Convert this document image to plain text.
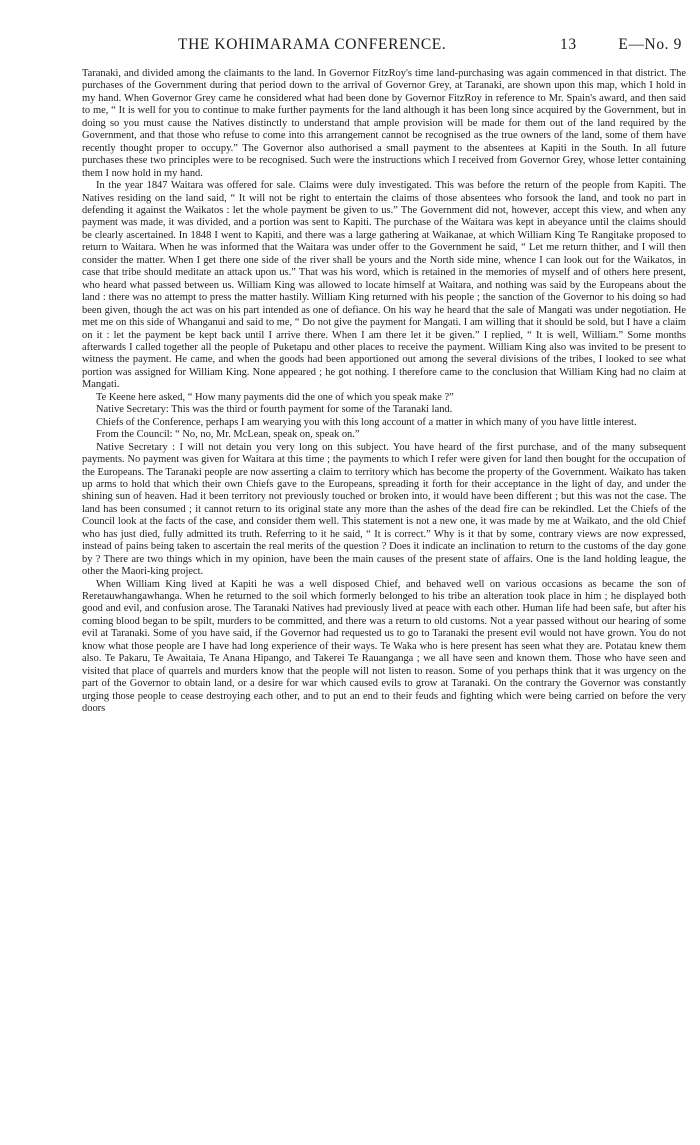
THE KOHIMARAMA CONFERENCE.	13	E—No. 9

Taranaki, and divided among the claimants to the land. In Governor FitzRoy's time land-purchasing was again commenced in that district. The purchases of the Government during that period down to the arrival of Governor Grey, at Taranaki, are shown upon this map, which I hold in my hand. When Governor Grey came he considered what had been done by Governor FitzRoy in reference to Mr. Spain's award, and then said to me, “ It is well for you to continue to make further payments for the land although it has been long since acquired by the Government, but in doing so you must cause the Natives distinctly to understand that ample provision will be made for them out of the land required by the Government, and that those who refuse to come into this arrangement cannot be recognised as the true owners of the land, some of them have recently thought proper to occupy.” The Governor also authorised a small payment to the absentees at Kapiti in the South. In all future purchases these two principles were to be recognised. Such were the instructions which I received from Governor Grey, whose letter containing them I now hold in my hand.

In the year 1847 Waitara was offered for sale. Claims were duly investigated. This was before the return of the people from Kapiti. The Natives residing on the land said, “ It will not be right to entertain the claims of those absentees who forsook the land, and took no part in defending it against the Waikatos : let the whole payment be given to us.” The Government did not, however, accept this view, and when any payment was made, it was divided, and a portion was sent to Kapiti. The purchase of the Waitara was kept in abeyance until the claims should be clearly ascertained. In 1848 I went to Kapiti, and there was a large gathering at Waikanae, at which William King Te Rangitake proposed to return to Waitara. When he was informed that the Waitara was under offer to the Government he said, “ Let me return thither, and I will then consider the matter. When I get there one side of the river shall be yours and the North side mine, whence I can look out for the Waikatos, in case that tribe should meditate an attack upon us.” That was his word, which is retained in the memories of myself and of others here present, who heard what passed between us. William King was allowed to locate himself at Waitara, and nothing was said by the Europeans about the land : there was no attempt to press the matter hastily. William King returned with his people ; the sanction of the Governor to his doing so had been given, though the act was on his part intended as one of defiance. On his way he heard that the sale of Mangati was under negotiation. He met me on this side of Whanganui and said to me, “ Do not give the payment for Mangati. I am willing that it should be sold, but I have a claim on it : let the payment be kept back until I arrive there. When I am there let it be given.” I replied, “ It is well, William.” Some months afterwards I called together all the people of Puketapu and other places to receive the payment. William King also was invited to be present to witness the payment. He came, and when the goods had been apportioned out among the several divisions of the tribes, I looked to see what portion was assigned for William King. None appeared ; he got nothing. I therefore came to the conclusion that William King had no claim at Mangati.

Te Keene here asked, “ How many payments did the one of which you speak make ?”

Native Secretary: This was the third or fourth payment for some of the Taranaki land.

Chiefs of the Conference, perhaps I am wearying you with this long account of a matter in which many of you have little interest.

From the Council: “ No, no, Mr. McLean, speak on, speak on.”

Native Secretary : I will not detain you very long on this subject. You have heard of the first purchase, and of the many subsequent payments. No payment was given for Waitara at this time ; the payments to which I refer were given for land then bought for the occupation of the Europeans. The Taranaki people are now asserting a claim to territory which has become the property of the Government. Waikato has taken up arms to hold that which their own Chiefs gave to the Europeans, spreading it forth for their acceptance in the light of day, and under the shining sun of heaven. Had it been territory not previously touched or broken into, it would have been different ; but this was not the case. The land has been consumed ; it cannot return to its original state any more than the ashes of the dead fire can be rekindled. Let the Chiefs of the Council look at the facts of the case, and consider them well. This statement is not a new one, it was made by me at Waikato, and the old Chief who has just died, fully admitted its truth. Referring to it he said, “ It is correct.” Why is it that by some, contrary views are now expressed, instead of pains being taken to ascertain the real merits of the question ? Does it indicate an inclination to return to the customs of the day gone by ? There are two things which in my opinion, have been the main causes of the present state of affairs. One is the land holding league, the other the Maori-king project.

When William King lived at Kapiti he was a well disposed Chief, and behaved well on various occasions as became the son of Reretauwhangawhanga. When he returned to the soil which formerly belonged to his tribe an alteration took place in him ; he displayed both good and evil, and confusion arose. The Taranaki Natives had previously lived at peace with each other. Human life had been safe, but after his coming blood began to be spilt, murders to be committed, and there was a return to old customs. Not a year passed without our hearing of some evil at Taranaki. Some of you have said, if the Governor had requested us to go to Taranaki the present evil would not have grown. You do not know what those people are I have had long experience of their ways. Te Waka who is here present has seen what they are. Potatau knew them also. Te Pakaru, Te Awaitaia, Te Anana Hipango, and Takerei Te Rauanganga ; we all have seen and known them. Those who have seen and visited that place of quarrels and murders know that the people will not listen to reason. Some of you perhaps think that it was urgency on the part of the Governor to obtain land, or a desire for war which caused evils to grow at Taranaki. On the contrary the Governor was constantly urging those people to cease destroying each other, and to put an end to their feuds and fighting which were being carried on before the very doors
